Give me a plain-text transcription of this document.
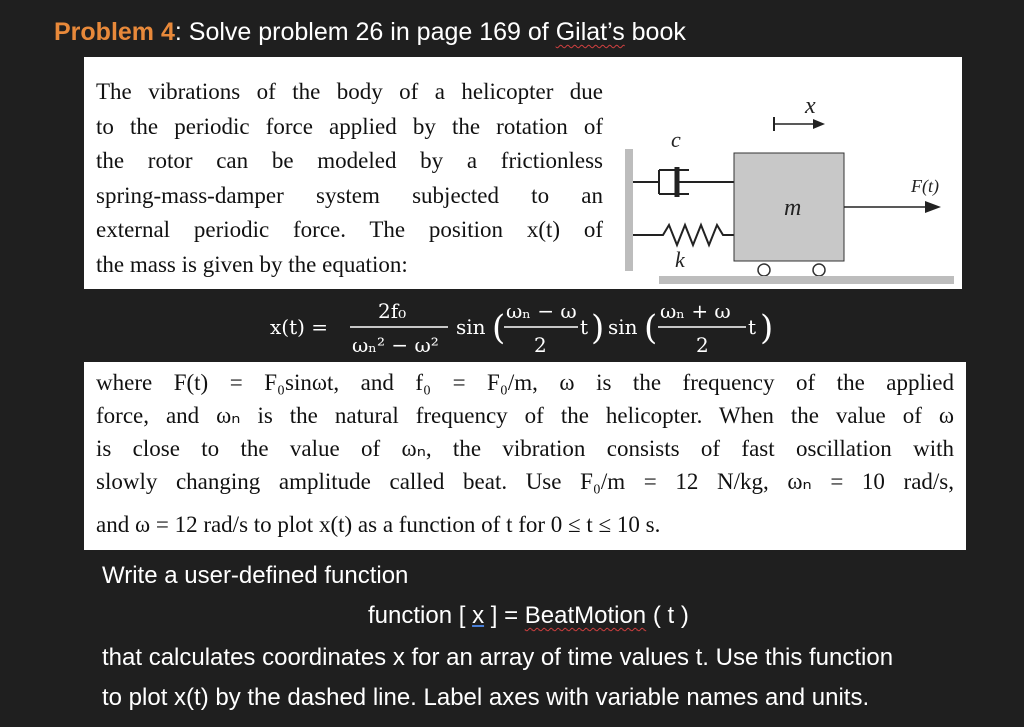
Problem 4: Solve problem 26 in page 169 of Gilat’s book
The vibrations of the body of a helicopter due
to the periodic force applied by the rotation of
the rotor can be modeled by a frictionless
spring-mass-damper system subjected to an
external periodic force. The position x(t) of
the mass is given by the equation:
x
c
k
m
F(t)
x(t) =
2f₀
ωₙ² − ω²
sin ( ωₙ − ω
2
t ) sin ( ωₙ + ω
2
t )
where F(t) = F₀sinωt, and f₀ = F₀/m, ω is the frequency of the applied
force, and ωₙ is the natural frequency of the helicopter. When the value of ω
is close to the value of ωₙ, the vibration consists of fast oscillation with
slowly changing amplitude called beat. Use F₀/m = 12 N/kg, ωₙ = 10 rad/s,
and ω = 12 rad/s to plot x(t) as a function of t for 0 ≤ t ≤ 10 s.
Write a user-defined function
function [ x ] = BeatMotion ( t )
that calculates coordinates x for an array of time values t. Use this function
to plot x(t) by the dashed line. Label axes with variable names and units.
